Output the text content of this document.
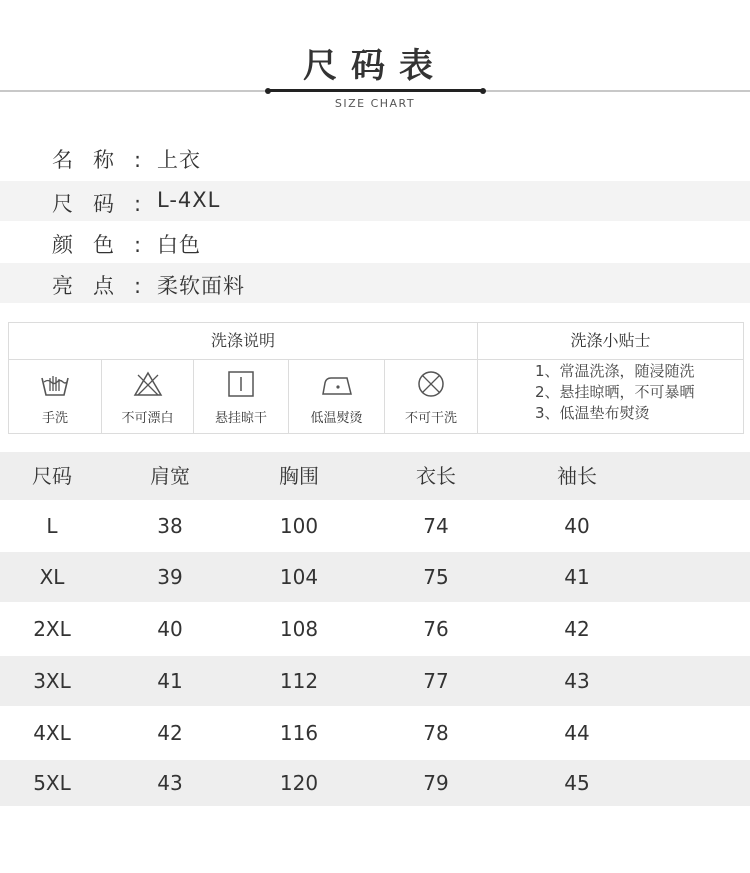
尺码表
SIZE CHART
名称:
上衣
尺码:
L-4XL
颜色:
白色
亮点:
柔软面料
洗涤说明	洗涤小贴士
手洗	不可漂白	悬挂晾干	低温熨烫	不可干洗
1、常温洗涤，随浸随洗
2、悬挂晾晒，不可暴晒
3、低温垫布熨烫
尺码	肩宽	胸围	衣长	袖长
L	38	100	74	40
XL	39	104	75	41
2XL	40	108	76	42
3XL	41	112	77	43
4XL	42	116	78	44
5XL	43	120	79	45
